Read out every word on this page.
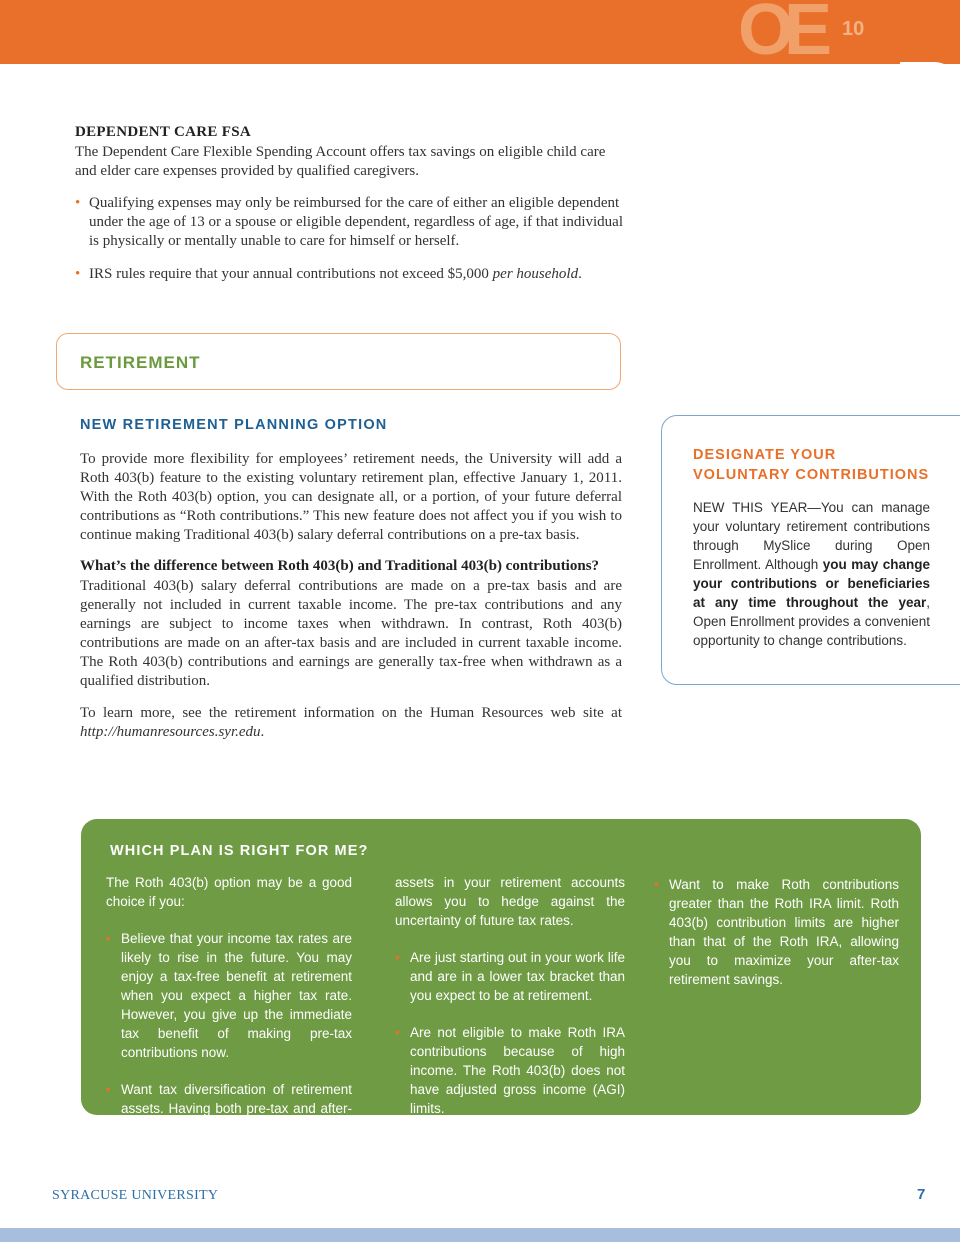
OE 10
DEPENDENT CARE FSA
The Dependent Care Flexible Spending Account offers tax savings on eligible child care and elder care expenses provided by qualified caregivers.
• Qualifying expenses may only be reimbursed for the care of either an eligible dependent under the age of 13 or a spouse or eligible dependent, regardless of age, if that individual is physically or mentally unable to care for himself or herself.
• IRS rules require that your annual contributions not exceed $5,000 per household.
RETIREMENT
NEW RETIREMENT PLANNING OPTION
To provide more flexibility for employees’ retirement needs, the University will add a Roth 403(b) feature to the existing voluntary retirement plan, effective January 1, 2011. With the Roth 403(b) option, you can designate all, or a portion, of your future deferral contributions as “Roth contributions.” This new feature does not affect you if you wish to continue making Traditional 403(b) salary deferral contributions on a pre-tax basis.
What’s the difference between Roth 403(b) and Traditional 403(b) contributions?
Traditional 403(b) salary deferral contributions are made on a pre-tax basis and are generally not included in current taxable income. The pre-tax contributions and any earnings are subject to income taxes when withdrawn. In contrast, Roth 403(b) contributions are made on an after-tax basis and are included in current taxable income. The Roth 403(b) contributions and earnings are generally tax-free when withdrawn as a qualified distribution.
To learn more, see the retirement information on the Human Resources web site at http://humanresources.syr.edu.
DESIGNATE YOUR
VOLUNTARY CONTRIBUTIONS
NEW THIS YEAR—You can manage your voluntary retirement contributions through MySlice during Open Enrollment. Although you may change your contributions or beneficiaries at any time throughout the year, Open Enrollment provides a convenient opportunity to change contributions.
WHICH PLAN IS RIGHT FOR ME?

The Roth 403(b) option may be a good choice if you:

• Believe that your income tax rates are likely to rise in the future. You may enjoy a tax-free benefit at retirement when you expect a higher tax rate. However, you give up the immediate tax benefit of making pre-tax contributions now.

• Want tax diversification of retirement assets. Having both pre-tax and after-tax

assets in your retirement accounts allows you to hedge against the uncertainty of future tax rates.

• Are just starting out in your work life and are in a lower tax bracket than you expect to be at retirement.

• Are not eligible to make Roth IRA contributions because of high income. The Roth 403(b) does not have adjusted gross income (AGI) limits.

• Want to make Roth contributions greater than the Roth IRA limit. Roth 403(b) contribution limits are higher than that of the Roth IRA, allowing you to maximize your after-tax retirement savings.

SYRACUSE UNIVERSITY	7
